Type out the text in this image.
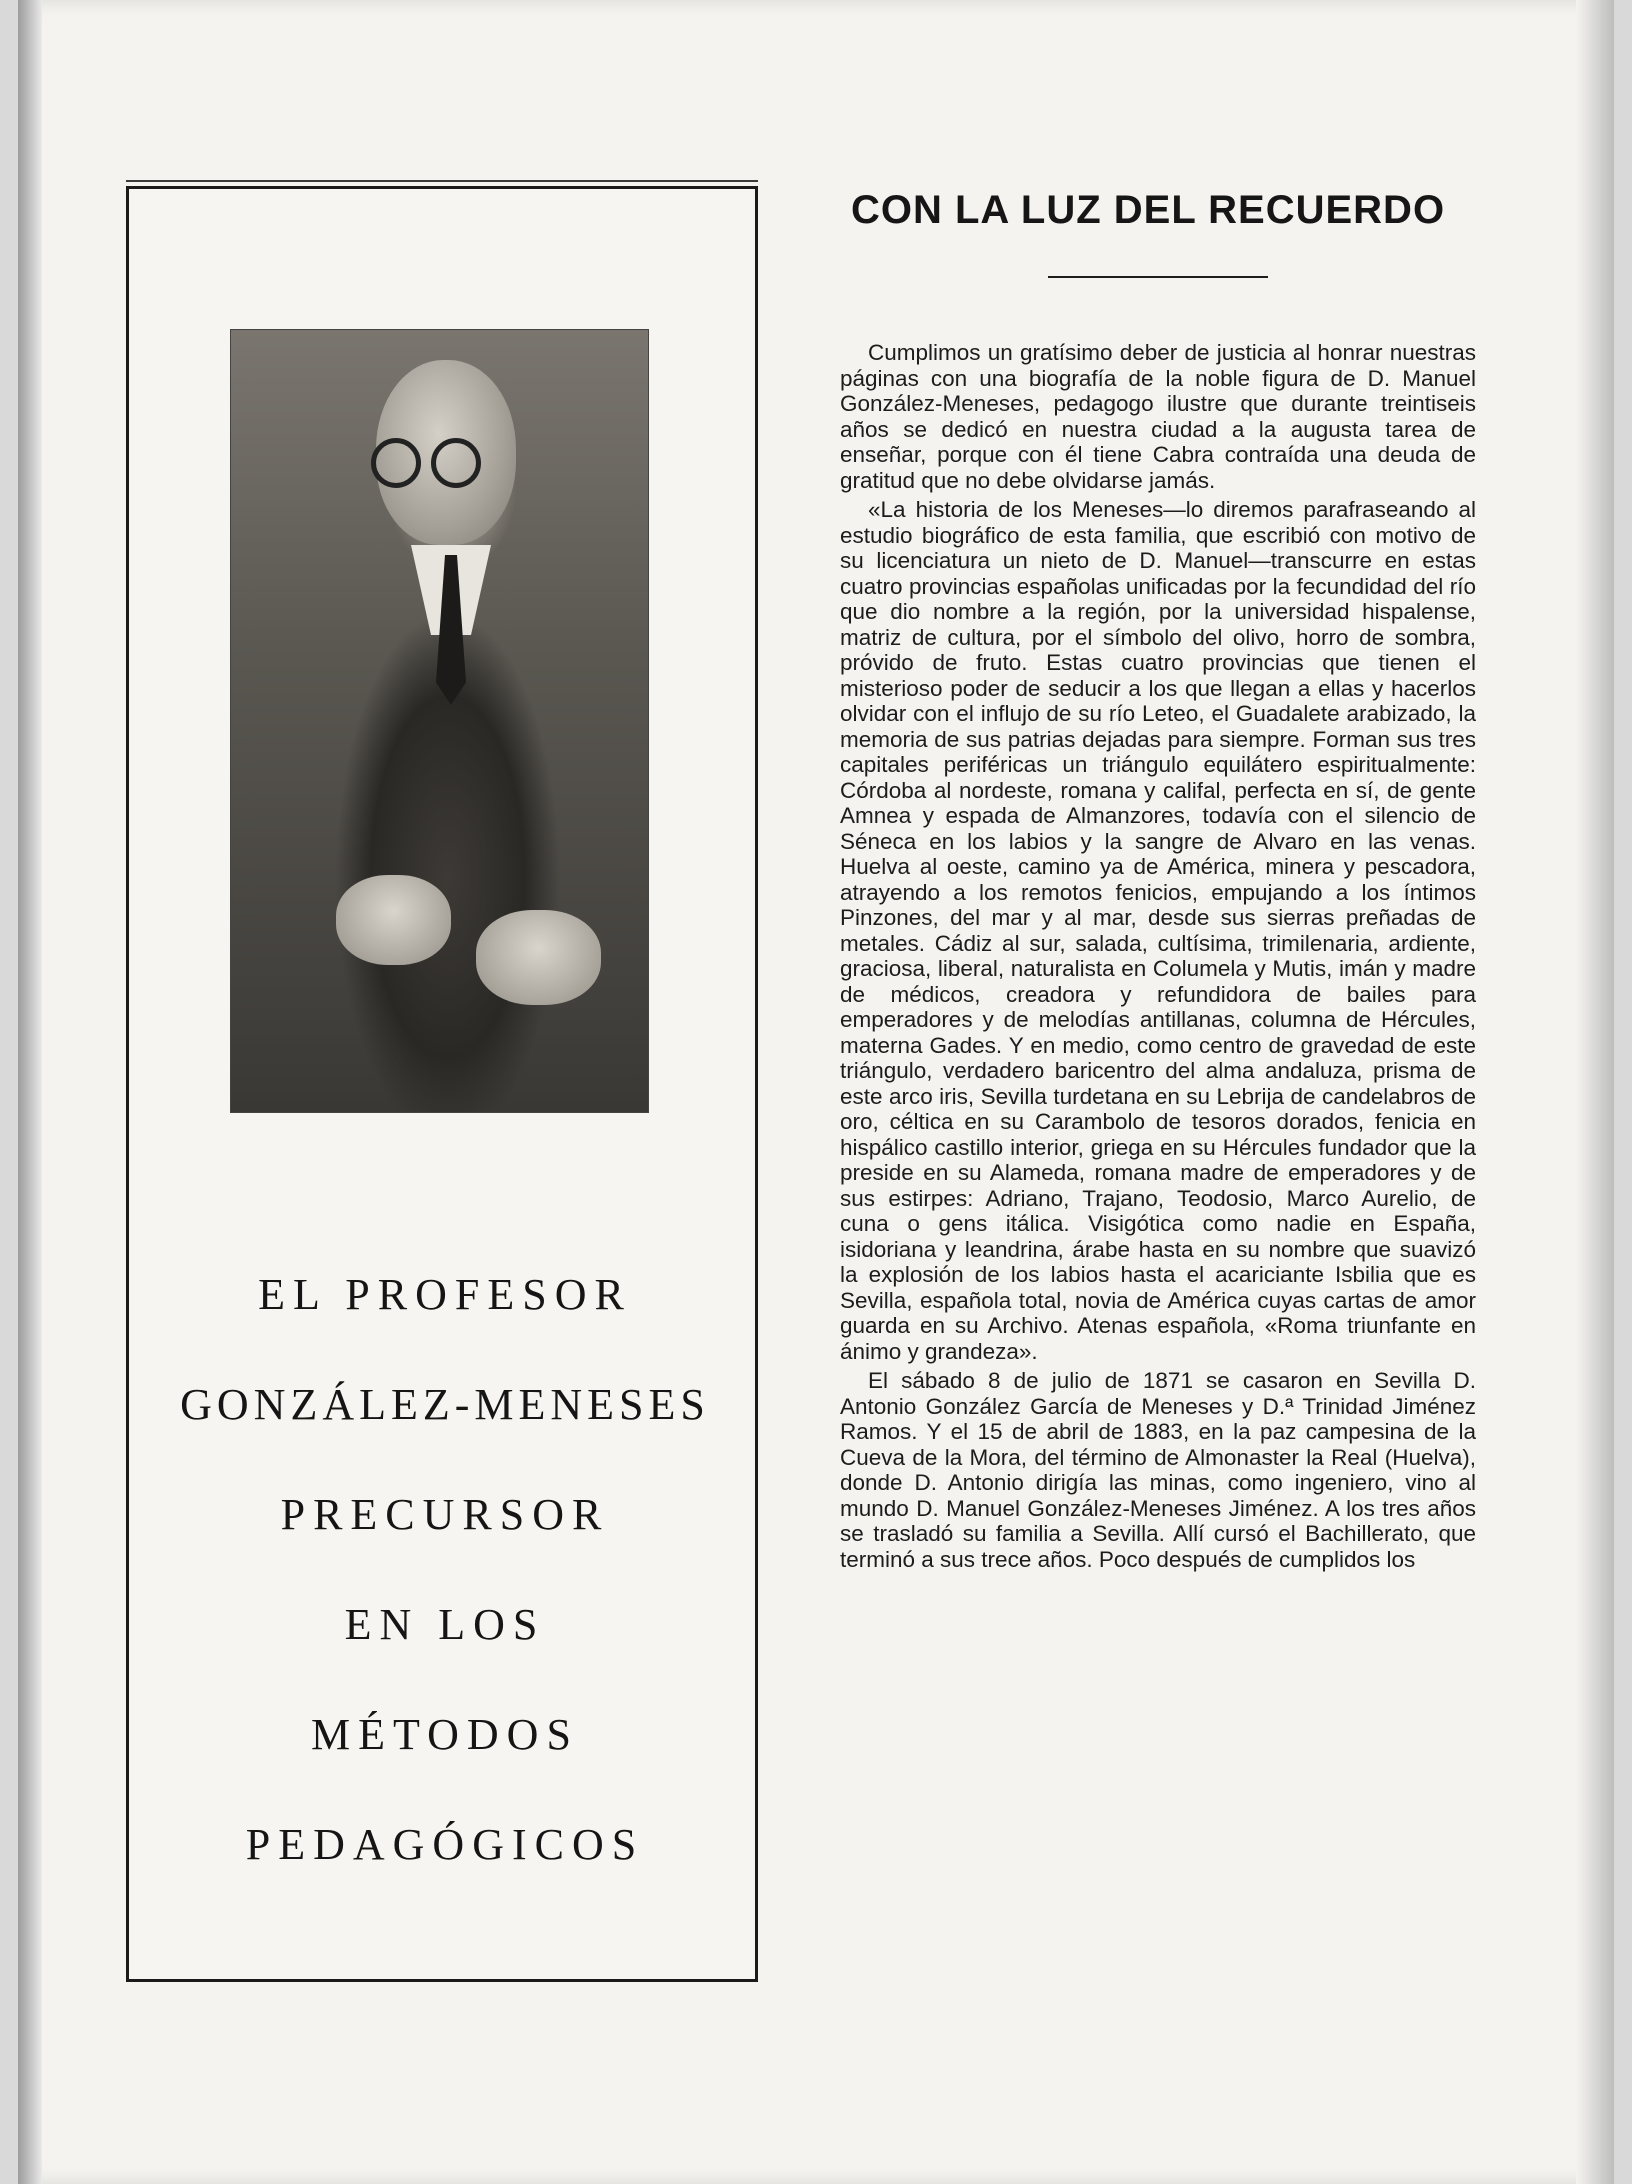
EL PROFESOR
GONZÁLEZ-MENESES
PRECURSOR
EN LOS
MÉTODOS
PEDAGÓGICOS
CON LA LUZ DEL RECUERDO

Cumplimos un gratísimo deber de justicia al honrar nuestras páginas con una biografía de la noble figura de D. Manuel González-Meneses, pedagogo ilustre que durante treintiseis años se dedicó en nuestra ciudad a la augusta tarea de enseñar, porque con él tiene Cabra contraída una deuda de gratitud que no debe olvidarse jamás.

«La historia de los Meneses—lo diremos parafraseando al estudio biográfico de esta familia, que escribió con motivo de su licenciatura un nieto de D. Manuel—transcurre en estas cuatro provincias españolas unificadas por la fecundidad del río que dio nombre a la región, por la universidad hispalense, matriz de cultura, por el símbolo del olivo, horro de sombra, próvido de fruto. Estas cuatro provincias que tienen el misterioso poder de seducir a los que llegan a ellas y hacerlos olvidar con el influjo de su río Leteo, el Guadalete arabizado, la memoria de sus patrias dejadas para siempre. Forman sus tres capitales periféricas un triángulo equilátero espiritualmente: Córdoba al nordeste, romana y califal, perfecta en sí, de gente Amnea y espada de Almanzores, todavía con el silencio de Séneca en los labios y la sangre de Alvaro en las venas. Huelva al oeste, camino ya de América, minera y pescadora, atrayendo a los remotos fenicios, empujando a los íntimos Pinzones, del mar y al mar, desde sus sierras preñadas de metales. Cádiz al sur, salada, cultísima, trimilenaria, ardiente, graciosa, liberal, naturalista en Columela y Mutis, imán y madre de médicos, creadora y refundidora de bailes para emperadores y de melodías antillanas, columna de Hércules, materna Gades. Y en medio, como centro de gravedad de este triángulo, verdadero baricentro del alma andaluza, prisma de este arco iris, Sevilla turdetana en su Lebrija de candelabros de oro, céltica en su Carambolo de tesoros dorados, fenicia en hispálico castillo interior, griega en su Hércules fundador que la preside en su Alameda, romana madre de emperadores y de sus estirpes: Adriano, Trajano, Teodosio, Marco Aurelio, de cuna o gens itálica. Visigótica como nadie en España, isidoriana y leandrina, árabe hasta en su nombre que suavizó la explosión de los labios hasta el acariciante Isbilia que es Sevilla, española total, novia de América cuyas cartas de amor guarda en su Archivo. Atenas española, «Roma triunfante en ánimo y grandeza».

El sábado 8 de julio de 1871 se casaron en Sevilla D. Antonio González García de Meneses y D.ª Trinidad Jiménez Ramos. Y el 15 de abril de 1883, en la paz campesina de la Cueva de la Mora, del término de Almonaster la Real (Huelva), donde D. Antonio dirigía las minas, como ingeniero, vino al mundo D. Manuel González-Meneses Jiménez. A los tres años se trasladó su familia a Sevilla. Allí cursó el Bachillerato, que terminó a sus trece años. Poco después de cumplidos los
